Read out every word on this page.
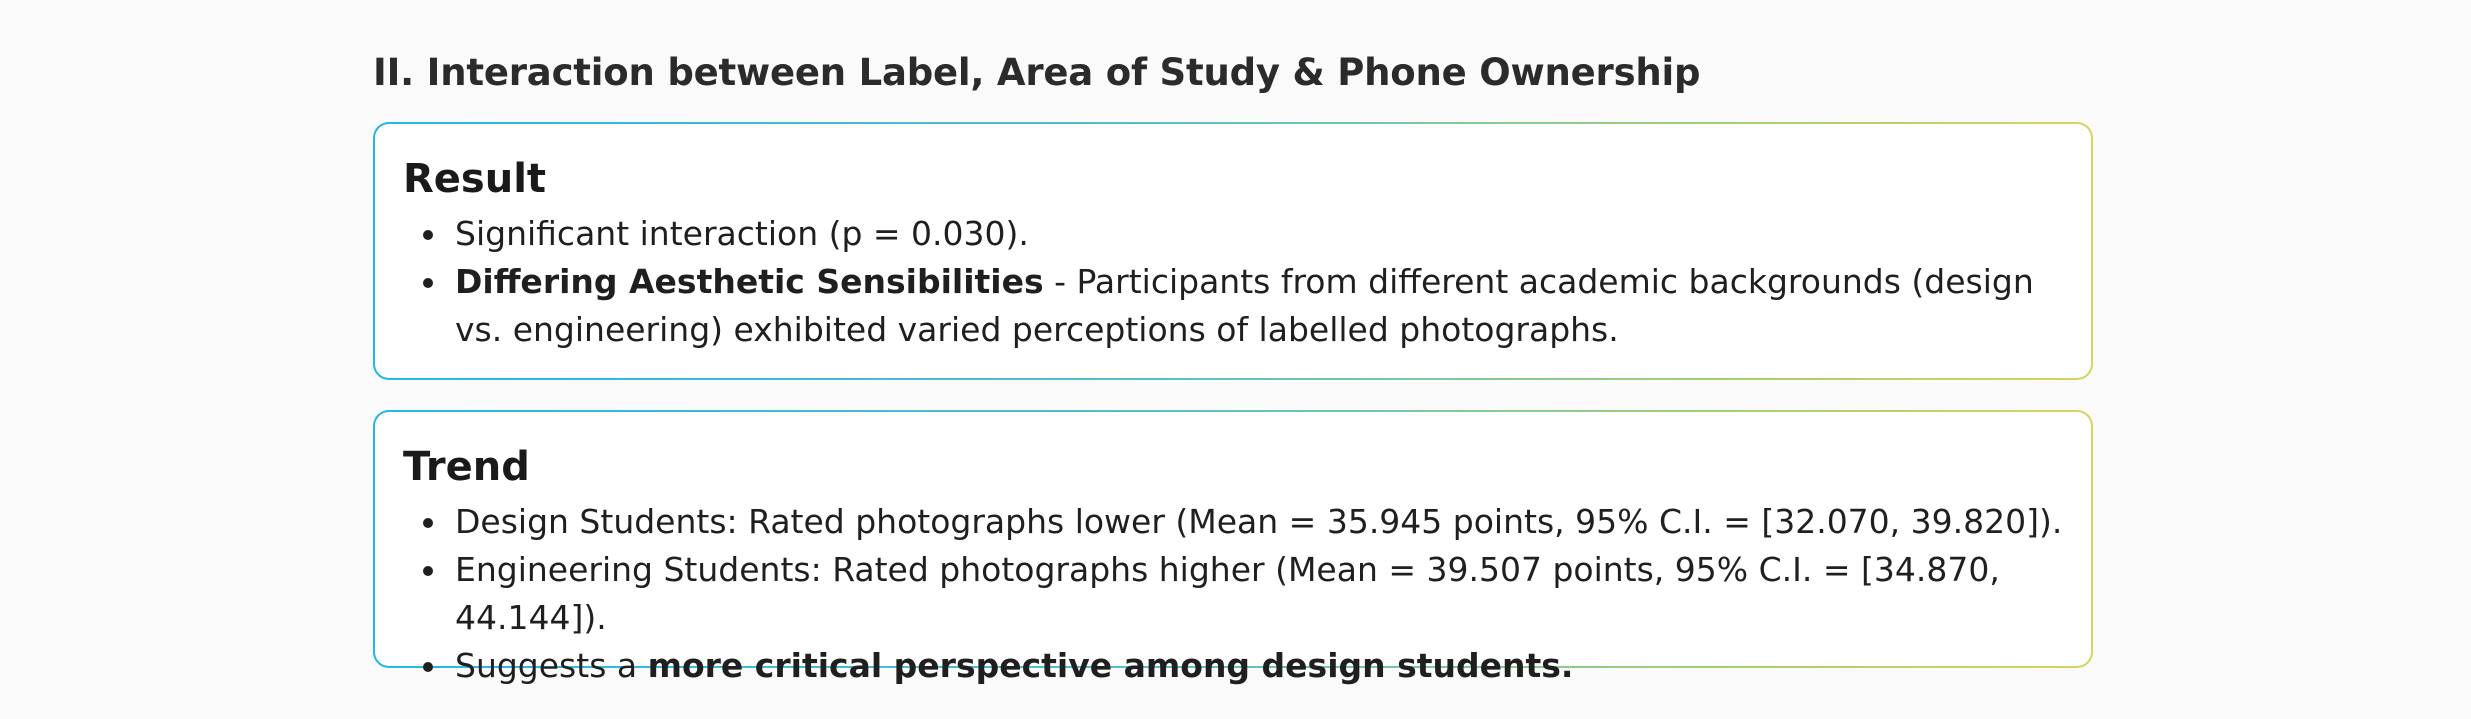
II. Interaction between Label, Area of Study & Phone Ownership
Result
Significant interaction (p = 0.030).
Differing Aesthetic Sensibilities - Participants from different academic backgrounds (design vs. engineering) exhibited varied perceptions of labelled photographs.
Trend
Design Students: Rated photographs lower (Mean = 35.945 points, 95% C.I. = [32.070, 39.820]).
Engineering Students: Rated photographs higher (Mean = 39.507 points, 95% C.I. = [34.870, 44.144]).
Suggests a more critical perspective among design students.
